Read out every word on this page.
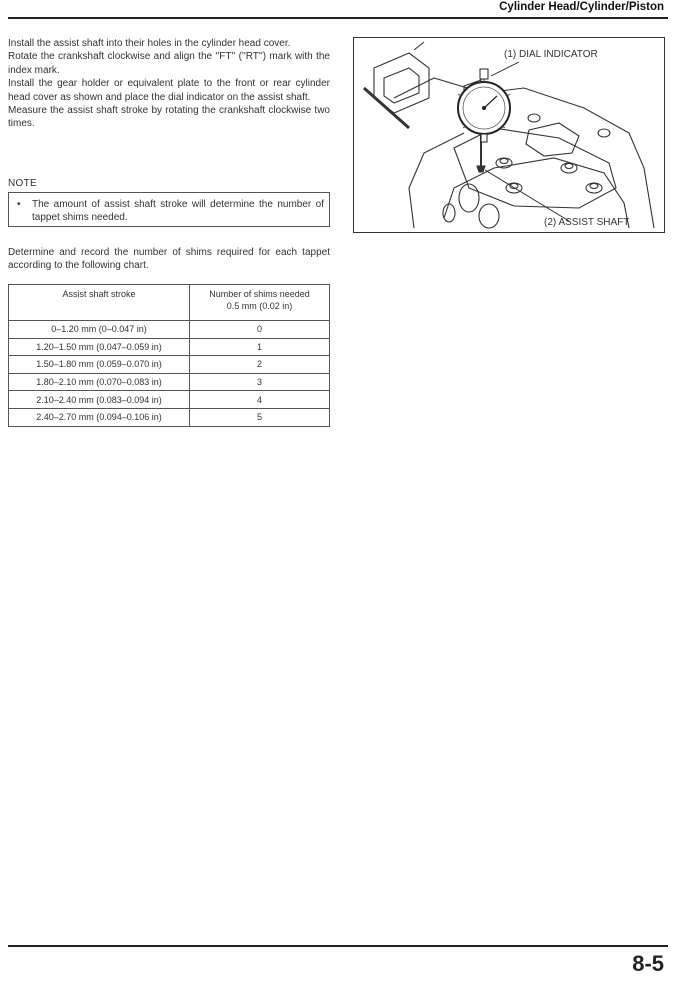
Cylinder Head/Cylinder/Piston

Install the assist shaft into their holes in the cylinder head cover.

Rotate the crankshaft clockwise and align the ''FT'' (''RT'') mark with the index mark.

Install the gear holder or equivalent plate to the front or rear cylinder head cover as shown and place the dial indicator on the assist shaft.

Measure the assist shaft stroke by rotating the crankshaft clockwise two times.

NOTE
• The amount of assist shaft stroke will determine the number of tappet shims needed.
Determine and record the number of shims required for each tappet according to the following chart.
Assist shaft stroke	Number of shims needed
0.5 mm (0.02 in)
0–1.20 mm (0–0.047 in)	0
1.20–1.50 mm (0.047–0.059 in)	1
1.50–1.80 mm (0.059–0.070 in)	2
1.80–2.10 mm (0.070–0.083 in)	3
2.10–2.40 mm (0.083–0.094 in)	4
2.40–2.70 mm (0.094–0.106 in)	5
(1) DIAL INDICATOR
(2) ASSIST SHAFT
8-5
